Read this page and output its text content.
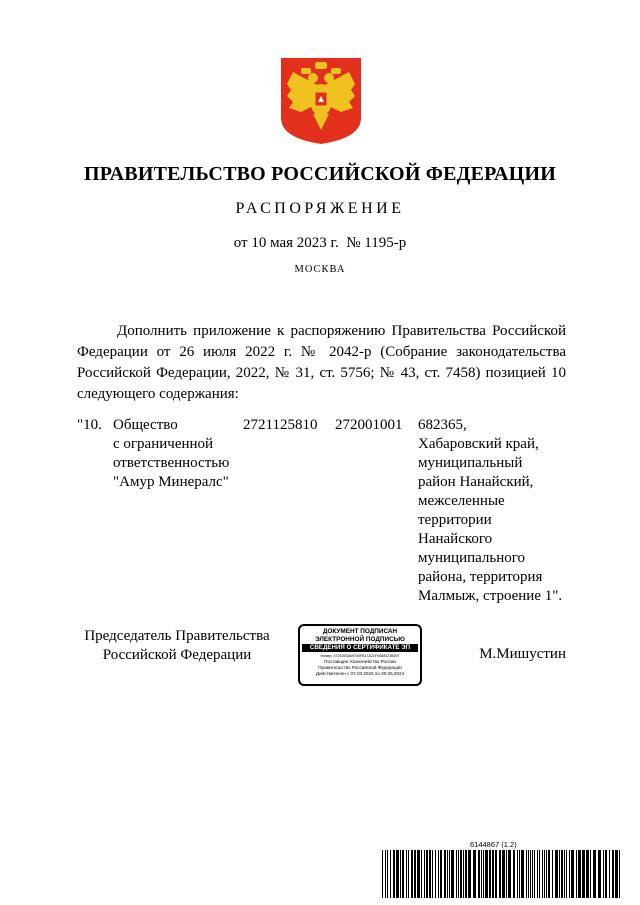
ПРАВИТЕЛЬСТВО РОССИЙСКОЙ ФЕДЕРАЦИИ
РАСПОРЯЖЕНИЕ
от 10 мая 2023 г.  № 1195-р
МОСКВА
Дополнить приложение к распоряжению Правительства Российской Федерации от 26 июля 2022 г. № 2042-р (Собрание законодательства Российской Федерации, 2022, № 31, ст. 5756; № 43, ст. 7458) позицией 10 следующего содержания:
"10. Общество
с ограниченной
ответственностью
"Амур Минералс"
2721125810 272001001 682365,
Хабаровский край,
муниципальный
район Нанайский,
межселенные
территории
Нанайского
муниципального
района, территория
Малмыж, строение 1".
Председатель Правительства
Российской Федерации
ДОКУМЕНТ ПОДПИСАН
ЭЛЕКТРОННОЙ ПОДПИСЬЮ
СВЕДЕНИЯ О СЕРТИФИКАТЕ ЭП
Номер: 5725393A69740FB17A21F0688023B597
Поставщик: Казначейство России
Правительство Российской Федерации
Действителен с 07.03.2023 по 30.05.2024
М.Мишустин
6144867 (1.2)
